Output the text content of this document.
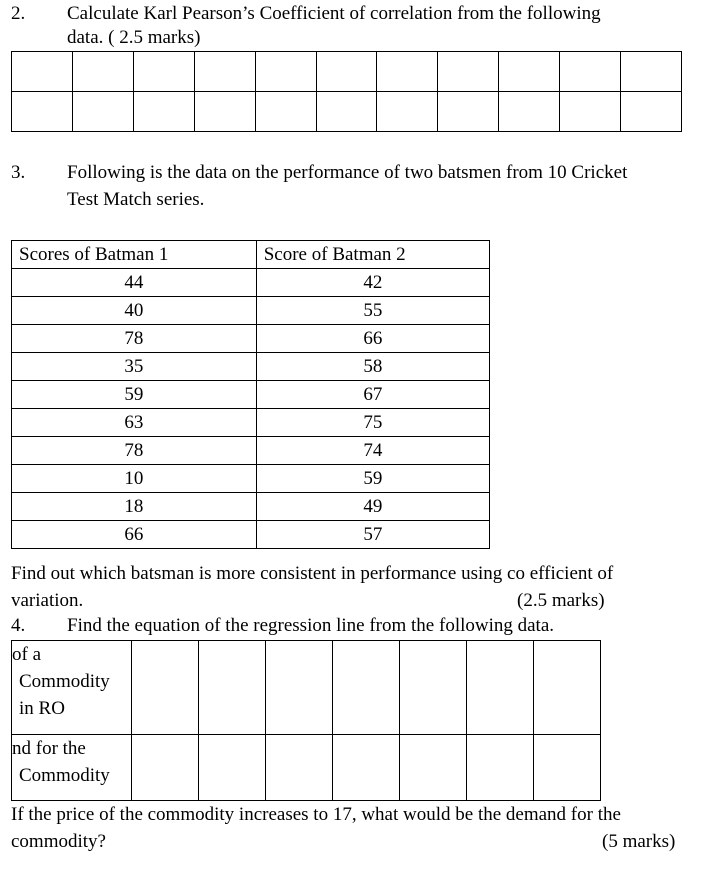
2. Calculate Karl Pearson’s Coefficient of correlation from the following
data. ( 2.5 marks)

3. Following is the data on the performance of two batsmen from 10 Cricket
Test Match series.
Scores of Batman 1	Score of Batman 2
44	42
40	55
78	66
35	58
59	67
63	75
78	74
10	59
18	49
66	57
Find out which batsman is more consistent in performance using co efficient of
variation.	(2.5 marks)
4. Find the equation of the regression line from the following data.
of a
Commodity
in RO							

nd for the
Commodity							

If the price of the commodity increases to 17, what would be the demand for the
commodity?	(5 marks)
